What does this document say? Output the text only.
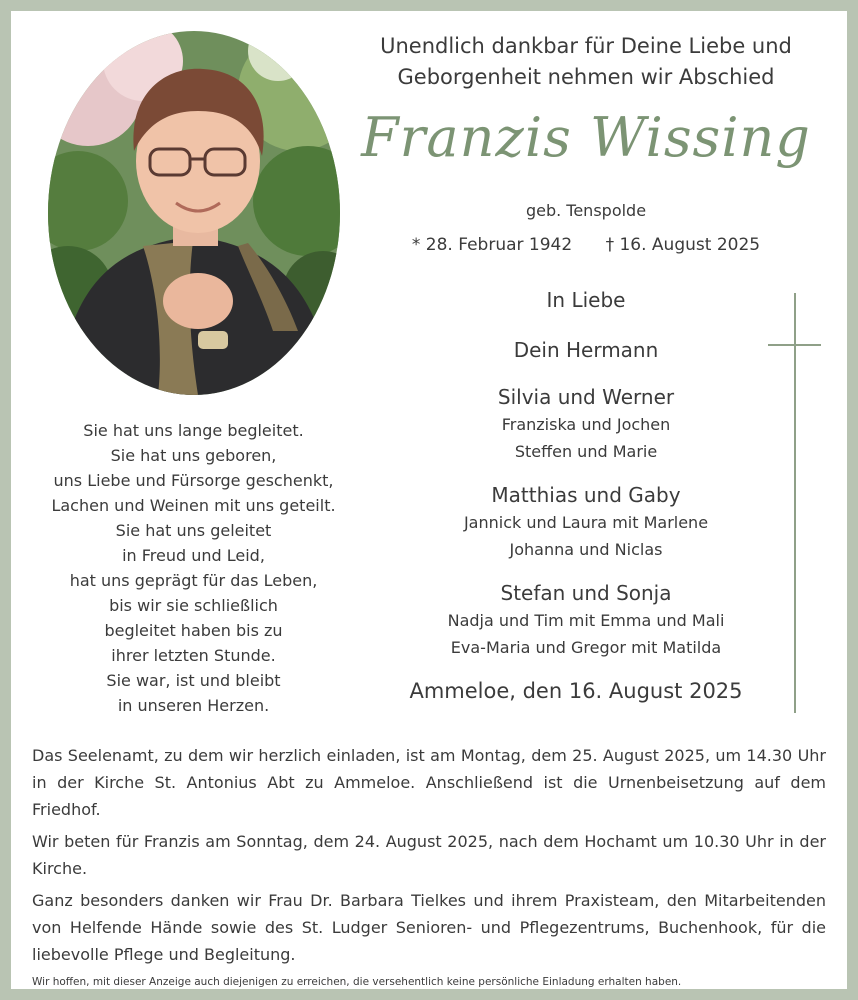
Unendlich dankbar für Deine Liebe und
Geborgenheit nehmen wir Abschied
Franzis Wissing
geb. Tenspolde
* 28. Februar 1942 † 16. August 2025
In Liebe
Dein Hermann
Silvia und Werner
Franziska und Jochen
Steffen und Marie
Matthias und Gaby
Jannick und Laura mit Marlene
Johanna und Niclas
Stefan und Sonja
Nadja und Tim mit Emma und Mali
Eva-Maria und Gregor mit Matilda
Ammeloe, den 16. August 2025
Sie hat uns lange begleitet.
Sie hat uns geboren,
uns Liebe und Fürsorge geschenkt,
Lachen und Weinen mit uns geteilt.
Sie hat uns geleitet
in Freud und Leid,
hat uns geprägt für das Leben,
bis wir sie schließlich
begleitet haben bis zu
ihrer letzten Stunde.
Sie war, ist und bleibt
in unseren Herzen.

Das Seelenamt, zu dem wir herzlich einladen, ist am Montag, dem 25. August 2025, um 14.30 Uhr in der Kirche St. Antonius Abt zu Ammeloe. Anschließend ist die Urnenbeisetzung auf dem Friedhof.

Wir beten für Franzis am Sonntag, dem 24. August 2025, nach dem Hochamt um 10.30 Uhr in der Kirche.

Ganz besonders danken wir Frau Dr. Barbara Tielkes und ihrem Praxisteam, den Mitarbeitenden von Helfende Hände sowie des St. Ludger Senioren- und Pflegezentrums, Buchenhook, für die liebevolle Pflege und Begleitung.

Wir hoffen, mit dieser Anzeige auch diejenigen zu erreichen, die versehentlich keine persönliche Einladung erhalten haben.
